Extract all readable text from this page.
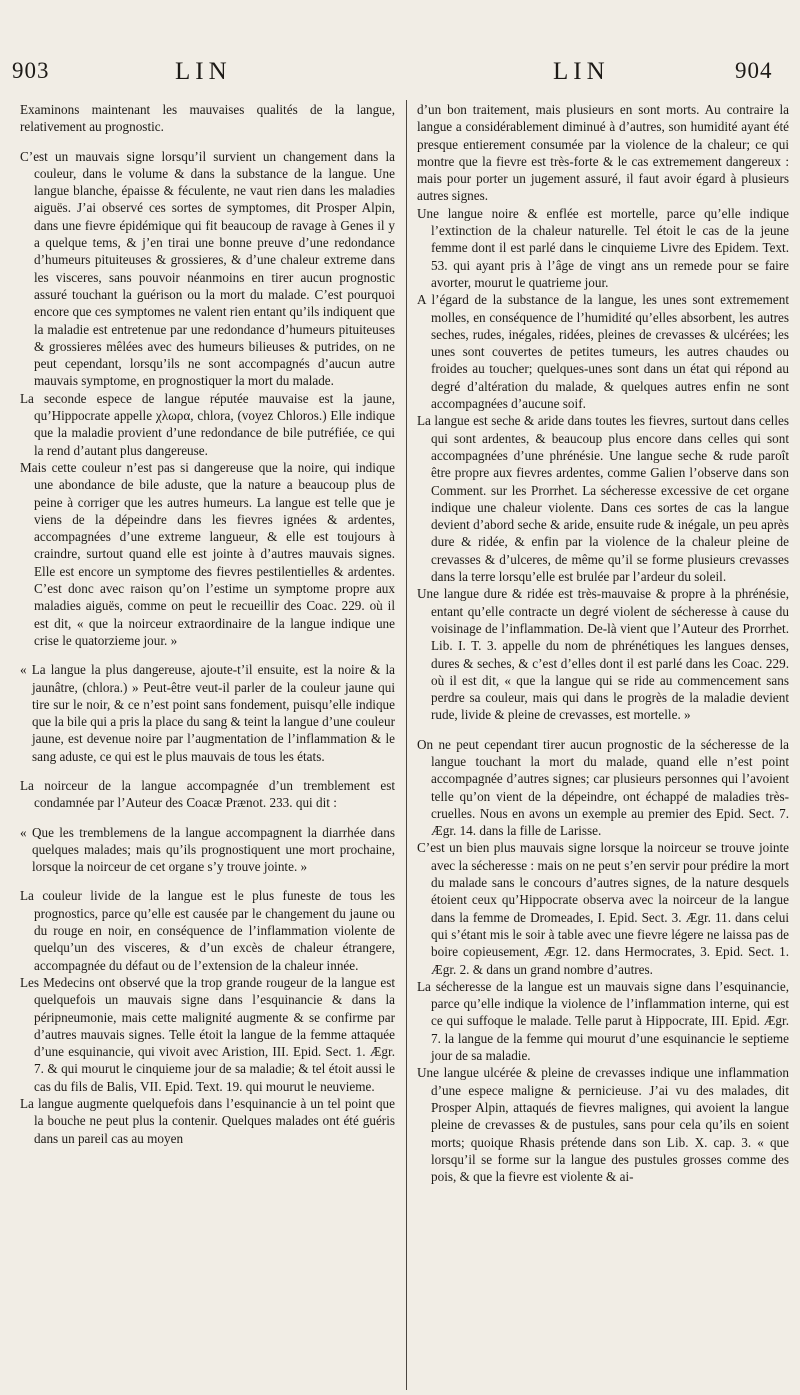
903	LIN	LIN	904

Examinons maintenant les mauvaises qualités de la langue, relativement au prognostic.

C’est un mauvais signe lorsqu’il survient un changement dans la couleur, dans le volume & dans la substance de la langue. Une langue blanche, épaisse & féculente, ne vaut rien dans les maladies aiguës. J’ai observé ces sortes de symptomes, dit Prosper Alpin, dans une fievre épidémique qui fit beaucoup de ravage à Genes il y a quelque tems, & j’en tirai une bonne preuve d’une redondance d’humeurs pituiteuses & grossieres, & d’une chaleur extreme dans les visceres, sans pouvoir néanmoins en tirer aucun prognostic assuré touchant la guérison ou la mort du malade. C’est pourquoi encore que ces symptomes ne valent rien entant qu’ils indiquent que la maladie est entretenue par une redondance d’humeurs pituiteuses & grossieres mêlées avec des humeurs bilieuses & putrides, on ne peut cependant, lorsqu’ils ne sont accompagnés d’aucun autre mauvais symptome, en prognostiquer la mort du malade.

La seconde espece de langue réputée mauvaise est la jaune, qu’Hippocrate appelle χλωρα, chlora, (voyez Chloros.) Elle indique que la maladie provient d’une redondance de bile putréfiée, ce qui la rend d’autant plus dangereuse.

Mais cette couleur n’est pas si dangereuse que la noire, qui indique une abondance de bile aduste, que la nature a beaucoup plus de peine à corriger que les autres humeurs. La langue est telle que je viens de la dépeindre dans les fievres ignées & ardentes, accompagnées d’une extreme langueur, & elle est toujours à craindre, surtout quand elle est jointe à d’autres mauvais signes. Elle est encore un symptome des fievres pestilentielles & ardentes. C’est donc avec raison qu’on l’estime un symptome propre aux maladies aiguës, comme on peut le recueillir des Coac. 229. où il est dit, « que la noirceur extraordinaire de la langue indique une crise le quatorzieme jour. »

« La langue la plus dangereuse, ajoute-t’il ensuite, est la noire & la jaunâtre, (chlora.) » Peut-être veut-il parler de la couleur jaune qui tire sur le noir, & ce n’est point sans fondement, puisqu’elle indique que la bile qui a pris la place du sang & teint la langue d’une couleur jaune, est devenue noire par l’augmentation de l’inflammation & le sang aduste, ce qui est le plus mauvais de tous les états.

La noirceur de la langue accompagnée d’un tremblement est condamnée par l’Auteur des Coacæ Prænot. 233. qui dit :

« Que les tremblemens de la langue accompagnent la diarrhée dans quelques malades; mais qu’ils prognostiquent une mort prochaine, lorsque la noirceur de cet organe s’y trouve jointe. »

La couleur livide de la langue est le plus funeste de tous les prognostics, parce qu’elle est causée par le changement du jaune ou du rouge en noir, en conséquence de l’inflammation violente de quelqu’un des visceres, & d’un excès de chaleur étrangere, accompagnée du défaut ou de l’extension de la chaleur innée.

Les Medecins ont observé que la trop grande rougeur de la langue est quelquefois un mauvais signe dans l’esquinancie & dans la péripneumonie, mais cette malignité augmente & se confirme par d’autres mauvais signes. Telle étoit la langue de la femme attaquée d’une esquinancie, qui vivoit avec Aristion, III. Epid. Sect. 1. Ægr. 7. & qui mourut le cinquieme jour de sa maladie; & tel étoit aussi le cas du fils de Balis, VII. Epid. Text. 19. qui mourut le neuvieme.

La langue augmente quelquefois dans l’esquinancie à un tel point que la bouche ne peut plus la contenir. Quelques malades ont été guéris dans un pareil cas au moyen

d’un bon traitement, mais plusieurs en sont morts. Au contraire la langue a considérablement diminué à d’autres, son humidité ayant été presque entierement consumée par la violence de la chaleur; ce qui montre que la fievre est très-forte & le cas extremement dangereux : mais pour porter un jugement assuré, il faut avoir égard à plusieurs autres signes.

Une langue noire & enflée est mortelle, parce qu’elle indique l’extinction de la chaleur naturelle. Tel étoit le cas de la jeune femme dont il est parlé dans le cinquieme Livre des Epidem. Text. 53. qui ayant pris à l’âge de vingt ans un remede pour se faire avorter, mourut le quatrieme jour.

A l’égard de la substance de la langue, les unes sont extremement molles, en conséquence de l’humidité qu’elles absorbent, les autres seches, rudes, inégales, ridées, pleines de crevasses & ulcérées; les unes sont couvertes de petites tumeurs, les autres chaudes ou froides au toucher; quelques-unes sont dans un état qui répond au degré d’altération du malade, & quelques autres enfin ne sont accompagnées d’aucune soif.

La langue est seche & aride dans toutes les fievres, surtout dans celles qui sont ardentes, & beaucoup plus encore dans celles qui sont accompagnées d’une phrénésie. Une langue seche & rude paroît être propre aux fievres ardentes, comme Galien l’observe dans son Comment. sur les Prorrhet. La sécheresse excessive de cet organe indique une chaleur violente. Dans ces sortes de cas la langue devient d’abord seche & aride, ensuite rude & inégale, un peu après dure & ridée, & enfin par la violence de la chaleur pleine de crevasses & d’ulceres, de même qu’il se forme plusieurs crevasses dans la terre lorsqu’elle est brulée par l’ardeur du soleil.

Une langue dure & ridée est très-mauvaise & propre à la phrénésie, entant qu’elle contracte un degré violent de sécheresse à cause du voisinage de l’inflammation. De-là vient que l’Auteur des Prorrhet. Lib. I. T. 3. appelle du nom de phrénétiques les langues denses, dures & seches, & c’est d’elles dont il est parlé dans les Coac. 229. où il est dit, « que la langue qui se ride au commencement sans perdre sa couleur, mais qui dans le progrès de la maladie devient rude, livide & pleine de crevasses, est mortelle. »

On ne peut cependant tirer aucun prognostic de la sécheresse de la langue touchant la mort du malade, quand elle n’est point accompagnée d’autres signes; car plusieurs personnes qui l’avoient telle qu’on vient de la dépeindre, ont échappé de maladies très-cruelles. Nous en avons un exemple au premier des Epid. Sect. 7. Ægr. 14. dans la fille de Larisse.

C’est un bien plus mauvais signe lorsque la noirceur se trouve jointe avec la sécheresse : mais on ne peut s’en servir pour prédire la mort du malade sans le concours d’autres signes, de la nature desquels étoient ceux qu’Hippocrate observa avec la noirceur de la langue dans la femme de Dromeades, I. Epid. Sect. 3. Ægr. 11. dans celui qui s’étant mis le soir à table avec une fievre légere ne laissa pas de boire copieusement, Ægr. 12. dans Hermocrates, 3. Epid. Sect. 1. Ægr. 2. & dans un grand nombre d’autres.

La sécheresse de la langue est un mauvais signe dans l’esquinancie, parce qu’elle indique la violence de l’inflammation interne, qui est ce qui suffoque le malade. Telle parut à Hippocrate, III. Epid. Ægr. 7. la langue de la femme qui mourut d’une esquinancie le septieme jour de sa maladie.

Une langue ulcérée & pleine de crevasses indique une inflammation d’une espece maligne & pernicieuse. J’ai vu des malades, dit Prosper Alpin, attaqués de fievres malignes, qui avoient la langue pleine de crevasses & de pustules, sans pour cela qu’ils en soient morts; quoique Rhasis prétende dans son Lib. X. cap. 3. « que lorsqu’il se forme sur la langue des pustules grosses comme des pois, & que la fievre est violente & ai-
